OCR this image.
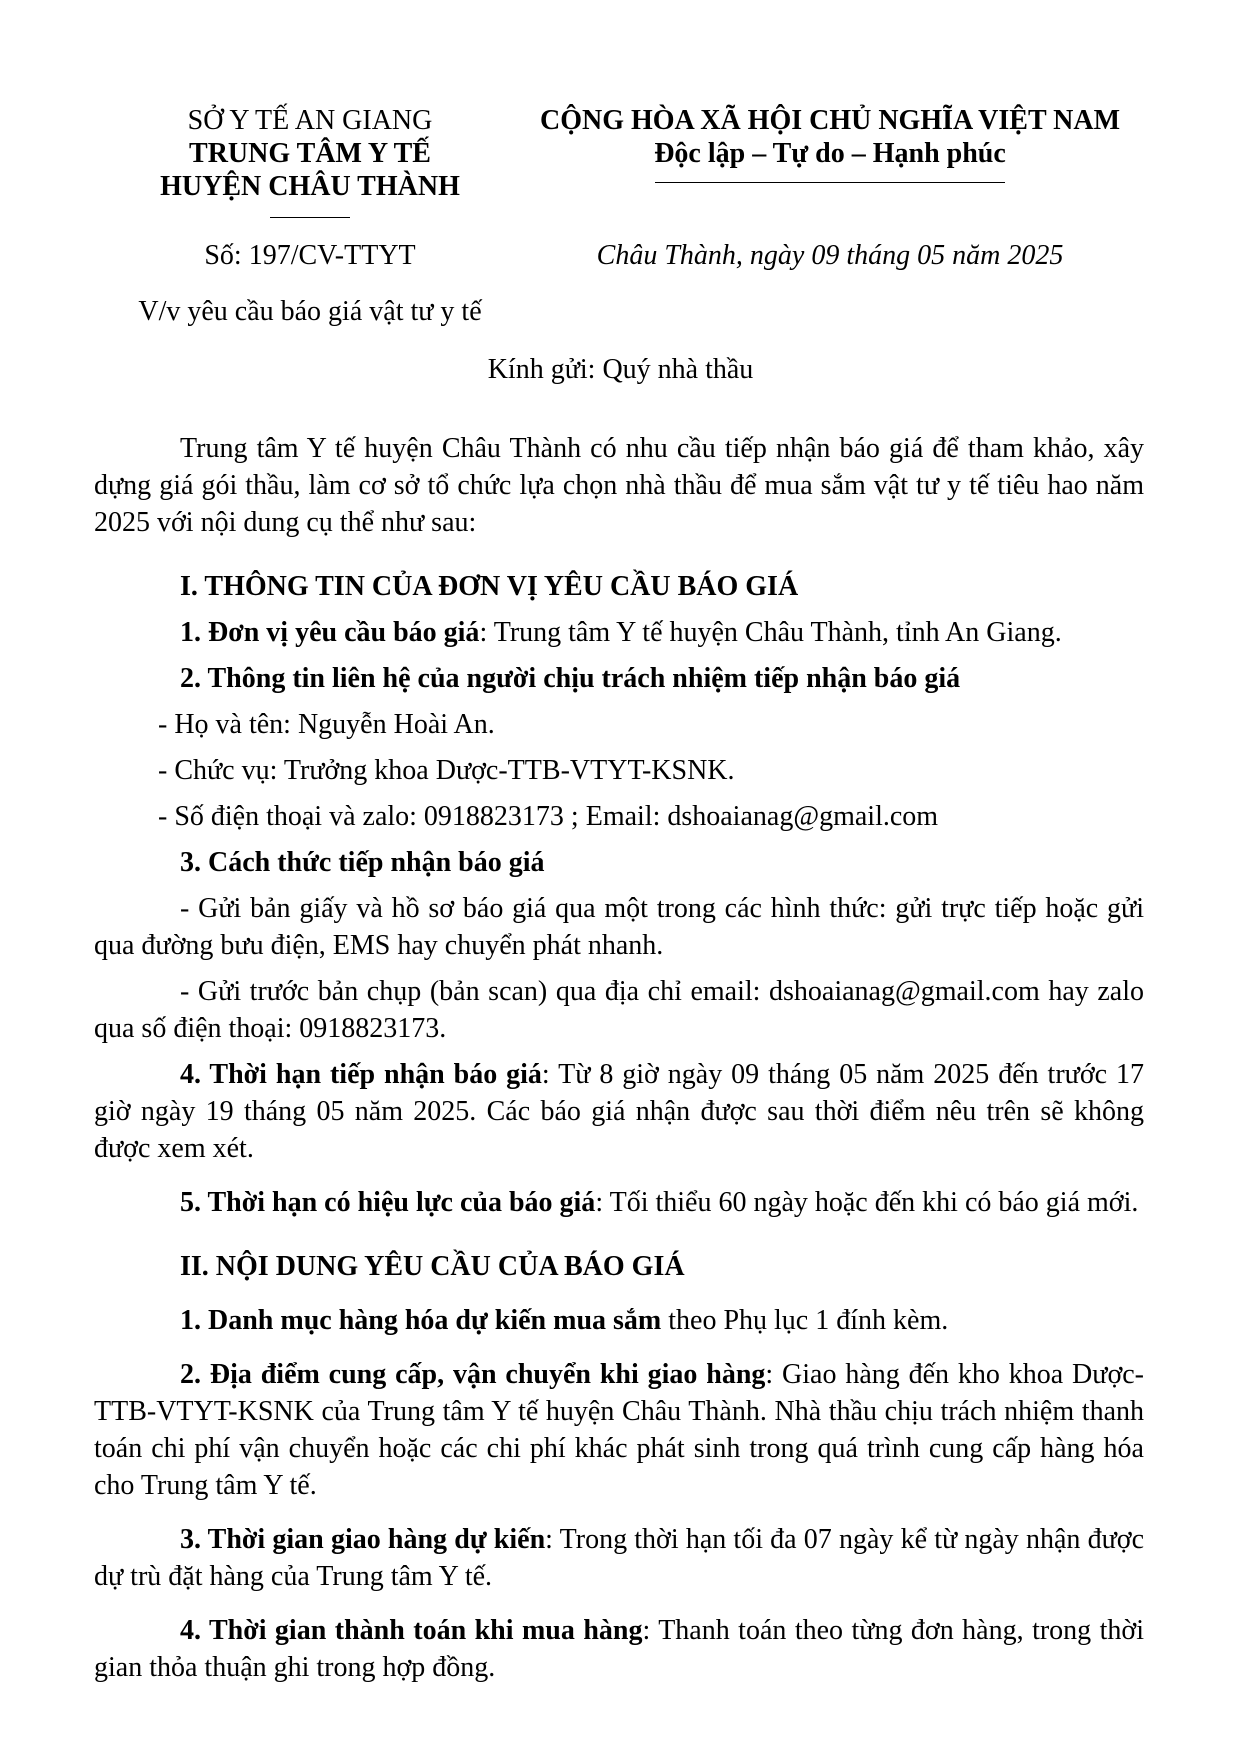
SỞ Y TẾ AN GIANG
TRUNG TÂM Y TẾ
HUYỆN CHÂU THÀNH
CỘNG HÒA XÃ HỘI CHỦ NGHĨA VIỆT NAM
Độc lập – Tự do – Hạnh phúc
Số: 197/CV-TTYT	Châu Thành, ngày 09 tháng 05 năm 2025
V/v yêu cầu báo giá vật tư y tế
Kính gửi: Quý nhà thầu

Trung tâm Y tế huyện Châu Thành có nhu cầu tiếp nhận báo giá để tham khảo, xây dựng giá gói thầu, làm cơ sở tổ chức lựa chọn nhà thầu để mua sắm vật tư y tế tiêu hao năm 2025 với nội dung cụ thể như sau:

I. THÔNG TIN CỦA ĐƠN VỊ YÊU CẦU BÁO GIÁ

1. Đơn vị yêu cầu báo giá: Trung tâm Y tế huyện Châu Thành, tỉnh An Giang.

2. Thông tin liên hệ của người chịu trách nhiệm tiếp nhận báo giá

- Họ và tên: Nguyễn Hoài An.

- Chức vụ: Trưởng khoa Dược-TTB-VTYT-KSNK.

- Số điện thoại và zalo: 0918823173 ; Email: dshoaianag@gmail.com

3. Cách thức tiếp nhận báo giá

- Gửi bản giấy và hồ sơ báo giá qua một trong các hình thức: gửi trực tiếp hoặc gửi qua đường bưu điện, EMS hay chuyển phát nhanh.

- Gửi trước bản chụp (bản scan) qua địa chỉ email: dshoaianag@gmail.com hay zalo qua số điện thoại: 0918823173.

4. Thời hạn tiếp nhận báo giá: Từ 8 giờ ngày 09 tháng 05 năm 2025 đến trước 17 giờ ngày 19 tháng 05 năm 2025. Các báo giá nhận được sau thời điểm nêu trên sẽ không được xem xét.

5. Thời hạn có hiệu lực của báo giá: Tối thiểu 60 ngày hoặc đến khi có báo giá mới.

II. NỘI DUNG YÊU CẦU CỦA BÁO GIÁ

1. Danh mục hàng hóa dự kiến mua sắm theo Phụ lục 1 đính kèm.

2. Địa điểm cung cấp, vận chuyển khi giao hàng: Giao hàng đến kho khoa Dược-TTB-VTYT-KSNK của Trung tâm Y tế huyện Châu Thành. Nhà thầu chịu trách nhiệm thanh toán chi phí vận chuyển hoặc các chi phí khác phát sinh trong quá trình cung cấp hàng hóa cho Trung tâm Y tế.

3. Thời gian giao hàng dự kiến: Trong thời hạn tối đa 07 ngày kể từ ngày nhận được dự trù đặt hàng của Trung tâm Y tế.

4. Thời gian thành toán khi mua hàng: Thanh toán theo từng đơn hàng, trong thời gian thỏa thuận ghi trong hợp đồng.
